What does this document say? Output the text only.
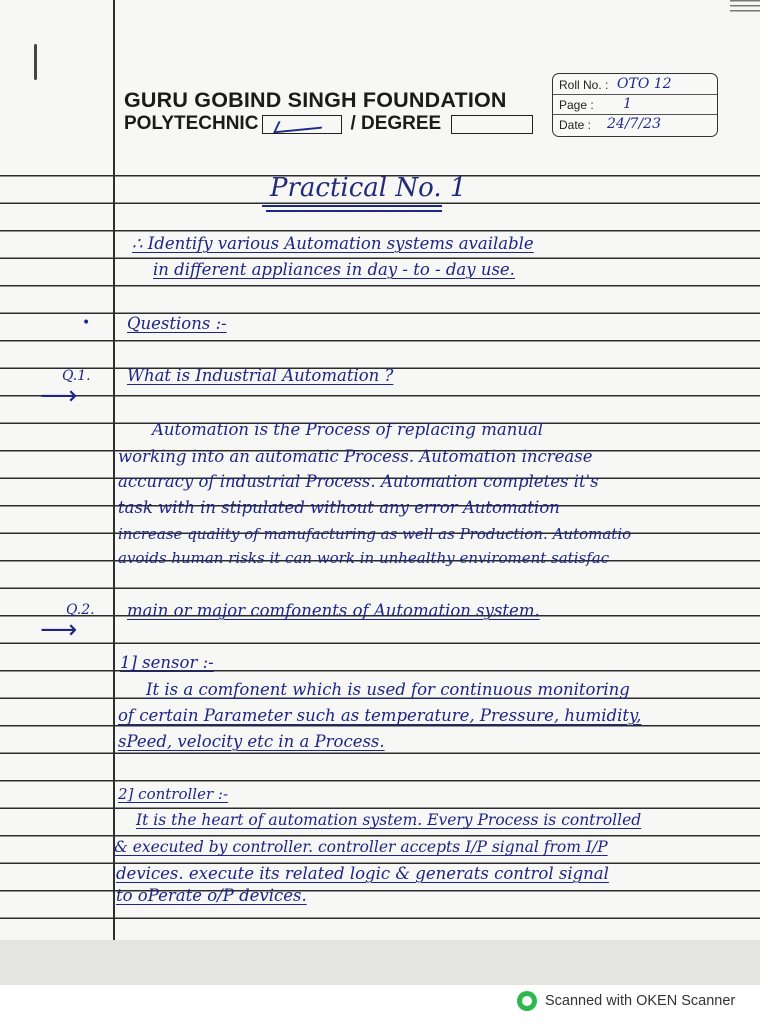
GURU GOBIND SINGH FOUNDATION
POLYTECHNIC	/ DEGREE
Roll No. : OTO 12
Page : 1
Date : 24/7/23
Practical No. 1
∴ Identify various Automation systems available
in different appliances in day - to - day use.
• Questions :-
Q.1.
⟶
What is Industrial Automation ?
Automation is the Process of replacing manual
working into an automatic Process. Automation increase
accuracy of industrial Process. Automation completes it's
task with in stipulated without any error Automation
increase quality of manufacturing as well as Production. Automatio
avoids human risks it can work in unhealthy enviroment satisfac
Q.2.
⟶
main or major comfonents of Automation system.
1] sensor :-
It is a comfonent which is used for continuous monitoring
of certain Parameter such as temperature, Pressure, humidity,
sPeed, velocity etc in a Process.
2] controller :-
It is the heart of automation system. Every Process is controlled
& executed by controller. controller accepts I/P signal from I/P
devices. execute its related logic & generats control signal
to oPerate o/P devices.
Scanned with OKEN Scanner
